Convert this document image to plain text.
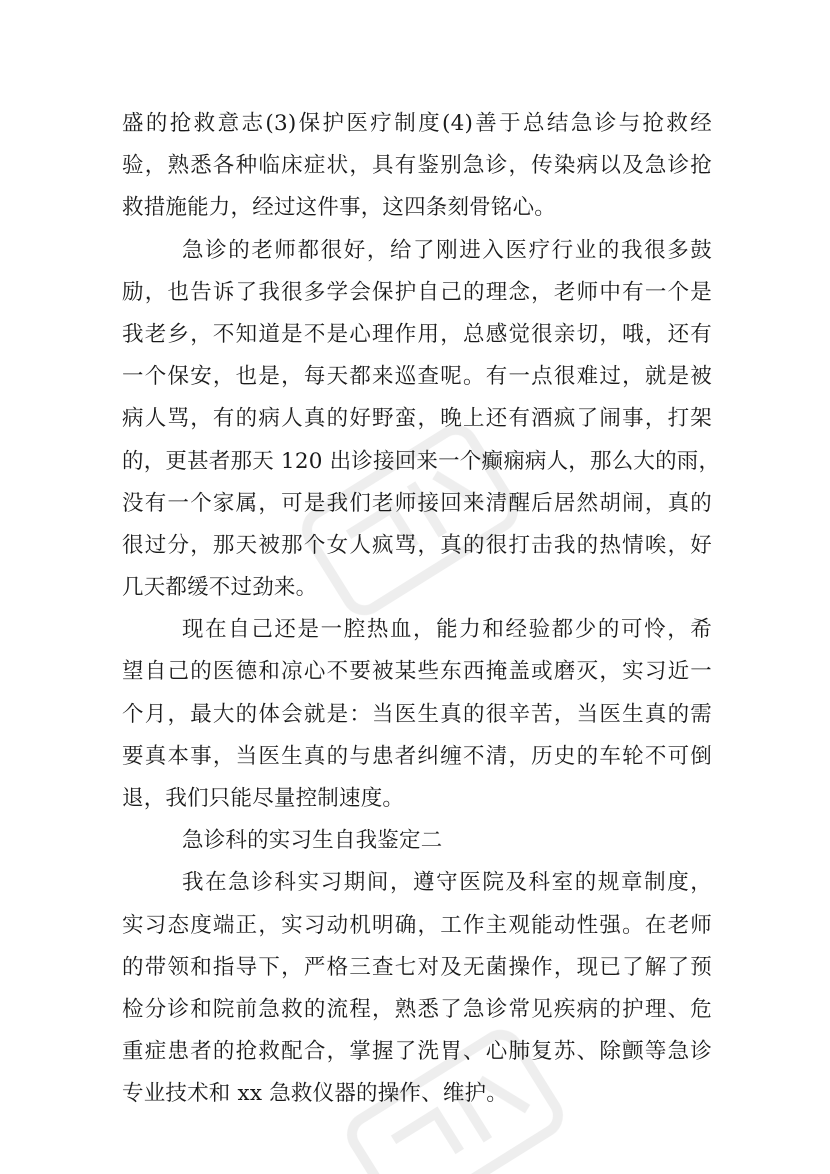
盛的抢救意志(3)保护医疗制度(4)善于总结急诊与抢救经
验，熟悉各种临床症状，具有鉴别急诊，传染病以及急诊抢
救措施能力，经过这件事，这四条刻骨铭心。
急诊的老师都很好，给了刚进入医疗行业的我很多鼓
励，也告诉了我很多学会保护自己的理念，老师中有一个是
我老乡，不知道是不是心理作用，总感觉很亲切，哦，还有
一个保安，也是，每天都来巡查呢。有一点很难过，就是被
病人骂，有的病人真的好野蛮，晚上还有酒疯了闹事，打架
的，更甚者那天 120 出诊接回来一个癫痫病人，那么大的雨，
没有一个家属，可是我们老师接回来清醒后居然胡闹，真的
很过分，那天被那个女人疯骂，真的很打击我的热情唉，好
几天都缓不过劲来。
现在自己还是一腔热血，能力和经验都少的可怜，希
望自己的医德和凉心不要被某些东西掩盖或磨灭，实习近一
个月，最大的体会就是：当医生真的很辛苦，当医生真的需
要真本事，当医生真的与患者纠缠不清，历史的车轮不可倒
退，我们只能尽量控制速度。
急诊科的实习生自我鉴定二
我在急诊科实习期间，遵守医院及科室的规章制度，
实习态度端正，实习动机明确，工作主观能动性强。在老师
的带领和指导下，严格三查七对及无菌操作，现已了解了预
检分诊和院前急救的流程，熟悉了急诊常见疾病的护理、危
重症患者的抢救配合，掌握了洗胃、心肺复苏、除颤等急诊
专业技术和 xx 急救仪器的操作、维护。
